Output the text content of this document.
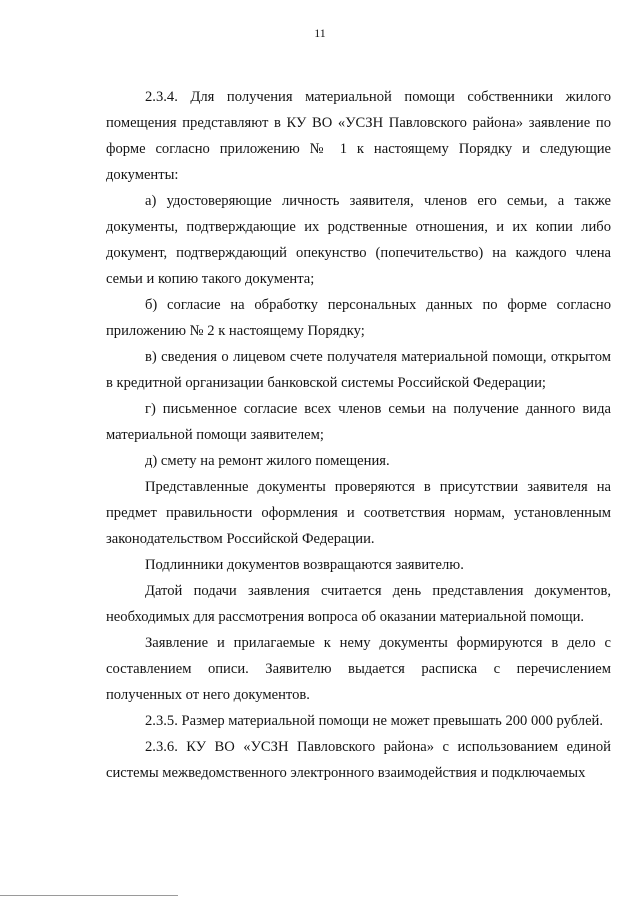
11

2.3.4. Для получения материальной помощи собственники жилого помещения представляют в КУ ВО «УСЗН Павловского района» заявление по форме согласно приложению № 1 к настоящему Порядку и следующие документы:

а) удостоверяющие личность заявителя, членов его семьи, а также документы, подтверждающие их родственные отношения, и их копии либо документ, подтверждающий опекунство (попечительство) на каждого члена семьи и копию такого документа;

б) согласие на обработку персональных данных по форме согласно приложению № 2 к настоящему Порядку;

в) сведения о лицевом счете получателя материальной помощи, открытом в кредитной организации банковской системы Российской Федерации;

г) письменное согласие всех членов семьи на получение данного вида материальной помощи заявителем;

д) смету на ремонт жилого помещения.

Представленные документы проверяются в присутствии заявителя на предмет правильности оформления и соответствия нормам, установленным законодательством Российской Федерации.

Подлинники документов возвращаются заявителю.

Датой подачи заявления считается день представления документов, необходимых для рассмотрения вопроса об оказании материальной помощи.

Заявление и прилагаемые к нему документы формируются в дело с составлением описи. Заявителю выдается расписка с перечислением полученных от него документов.

2.3.5. Размер материальной помощи не может превышать 200 000 рублей.

2.3.6. КУ ВО «УСЗН Павловского района» с использованием единой системы межведомственного электронного взаимодействия и подключаемых
